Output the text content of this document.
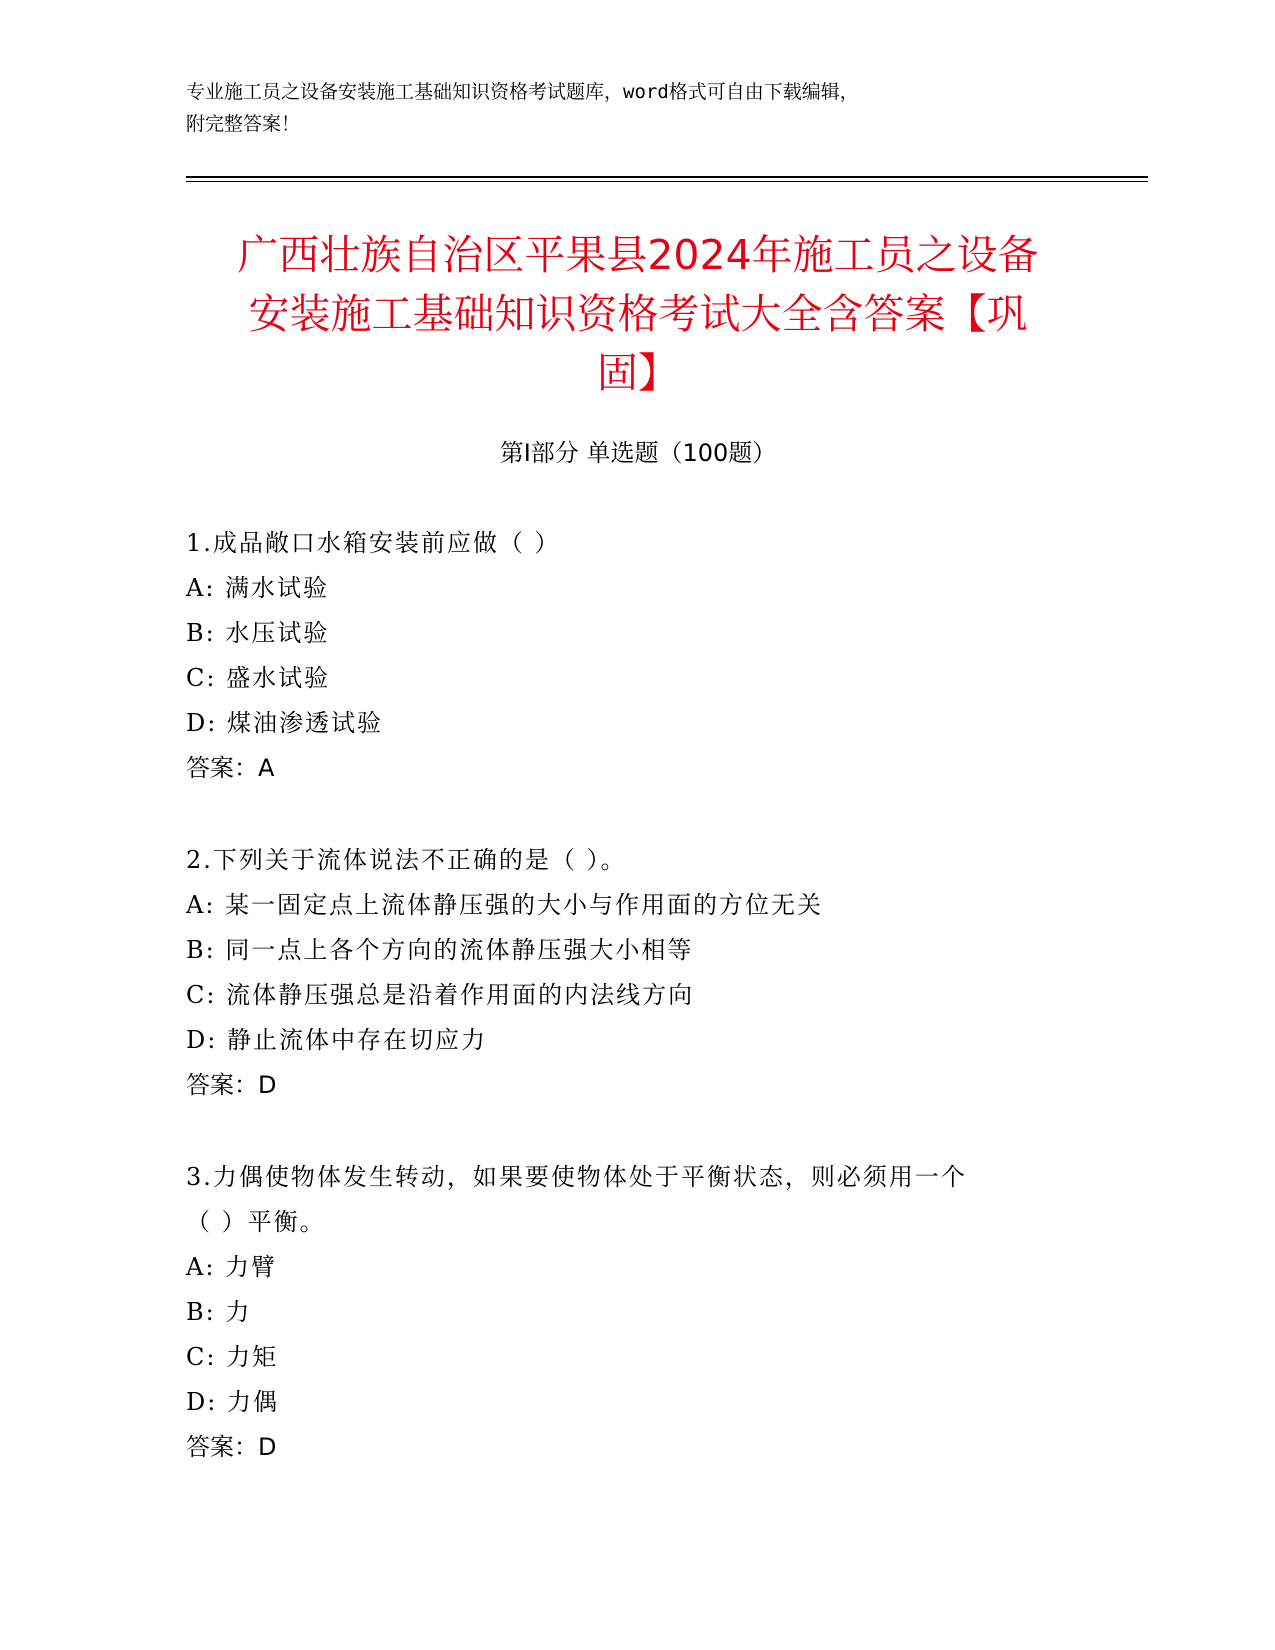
专业施工员之设备安装施工基础知识资格考试题库，word格式可自由下载编辑，
附完整答案！
广西壮族自治区平果县2024年施工员之设备
安装施工基础知识资格考试大全含答案【巩
固】
第Ⅰ部分 单选题（100题）
1.成品敞口水箱安装前应做（ ）
A: 满水试验
B: 水压试验
C: 盛水试验
D: 煤油渗透试验
答案：A
2.下列关于流体说法不正确的是（ ）。
A: 某一固定点上流体静压强的大小与作用面的方位无关
B: 同一点上各个方向的流体静压强大小相等
C: 流体静压强总是沿着作用面的内法线方向
D: 静止流体中存在切应力
答案：D
3.力偶使物体发生转动，如果要使物体处于平衡状态，则必须用一个
（ ）平衡。
A: 力臂
B: 力
C: 力矩
D: 力偶
答案：D
